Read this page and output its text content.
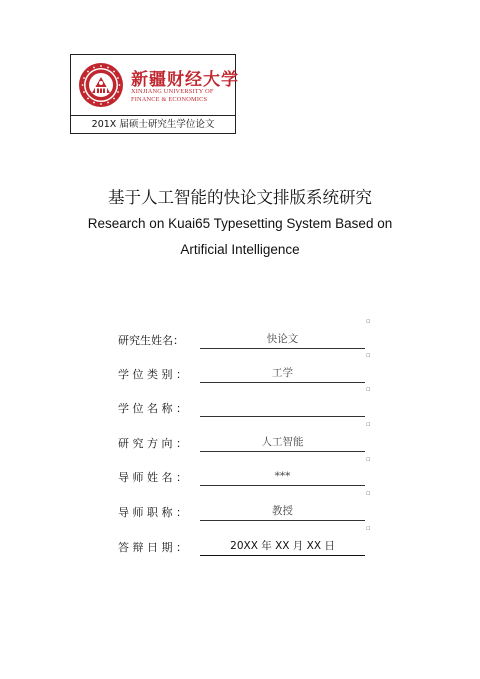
新疆财经大学
XINJIANG UNIVERSITY OF
FINANCE & ECONOMICS
201X 届硕士研究生学位论文
基于人工智能的快论文排版系统研究
Research on Kuai65 Typesetting System Based on
Artificial Intelligence
研究生姓名：	快论文
学 位 类 别 ：	工学
学 位 名 称 ：
研 究 方 向 ：	人工智能
导 师 姓 名 ：	***
导 师 职 称 ：	教授
答 辩 日 期 ：	20XX 年 XX 月 XX 日
▫
▫
▫
▫
▫
▫
▫
